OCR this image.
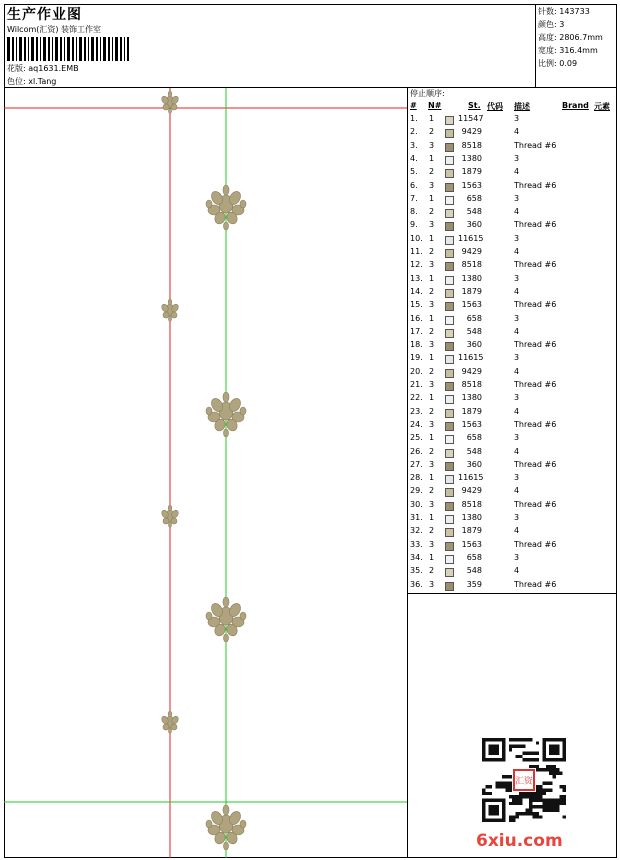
生产作业图
Wilcom(汇资) 装饰工作室
花版: aq1631.EMB
色位: xl.Tang
针数: 143733
颜色: 3
高度: 2806.7mm
宽度: 316.4mm
比例: 0.09
停止顺序:
# N#	St. 代码 描述	Brand 元素
1. 1	11547	3
2. 2	9429	4
3. 3	8518	Thread #6
4. 1	1380	3
5. 2	1879	4
6. 3	1563	Thread #6
7. 1	658	3
8. 2	548	4
9. 3	360	Thread #6
10. 1	11615	3
11. 2	9429	4
12. 3	8518	Thread #6
13. 1	1380	3
14. 2	1879	4
15. 3	1563	Thread #6
16. 1	658	3
17. 2	548	4
18. 3	360	Thread #6
19. 1	11615	3
20. 2	9429	4
21. 3	8518	Thread #6
22. 1	1380	3
23. 2	1879	4
24. 3	1563	Thread #6
25. 1	658	3
26. 2	548	4
27. 3	360	Thread #6
28. 1	11615	3
29. 2	9429	4
30. 3	8518	Thread #6
31. 1	1380	3
32. 2	1879	4
33. 3	1563	Thread #6
34. 1	658	3
35. 2	548	4
36. 3	359	Thread #6
汇资
6xiu.com
